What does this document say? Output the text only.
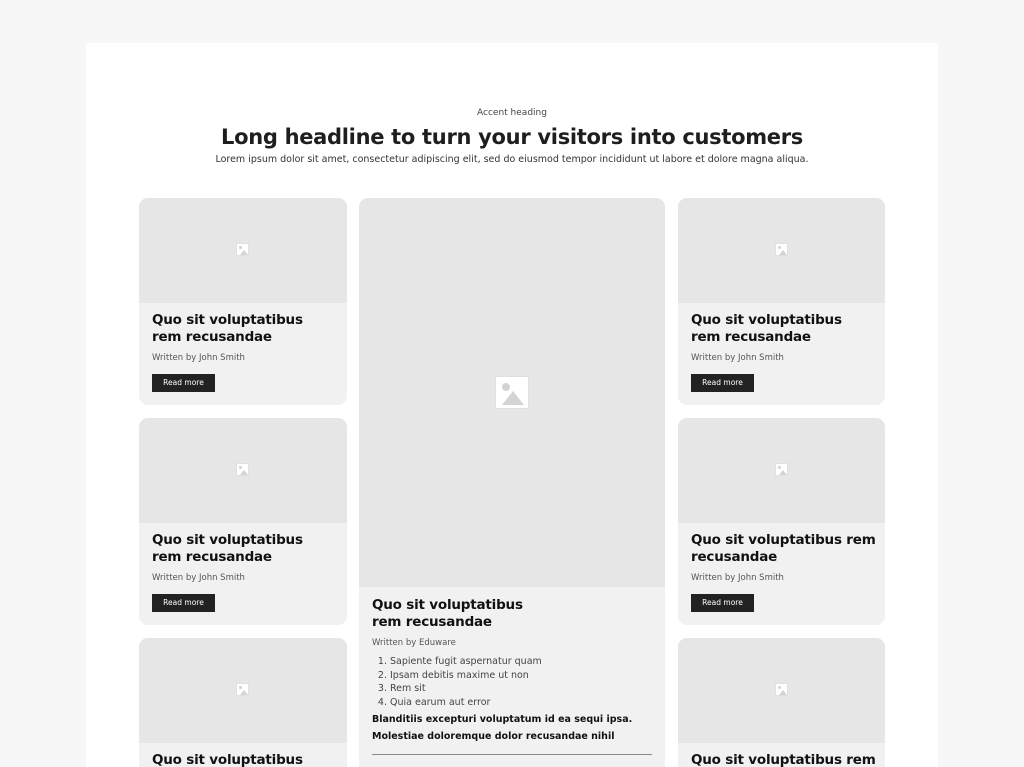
Accent heading
Long headline to turn your visitors into customers

Lorem ipsum dolor sit amet, consectetur adipiscing elit, sed do eiusmod tempor incididunt ut labore et dolore magna aliqua.

Quo sit voluptatibus
rem recusandae
Written by John Smith
Read more
Quo sit voluptatibus
rem recusandae
Written by John Smith
Read more
Quo sit voluptatibus
Quo sit voluptatibus
rem recusandae
Written by Eduware
1. Sapiente fugit aspernatur quam
2. Ipsam debitis maxime ut non
3. Rem sit
4. Quia earum aut error
Blanditiis excepturi voluptatum id ea sequi ipsa. Molestiae doloremque dolor recusandae nihil
Quo sit voluptatibus
rem recusandae
Written by John Smith
Read more
Quo sit voluptatibus rem
recusandae
Written by John Smith
Read more
Quo sit voluptatibus rem
